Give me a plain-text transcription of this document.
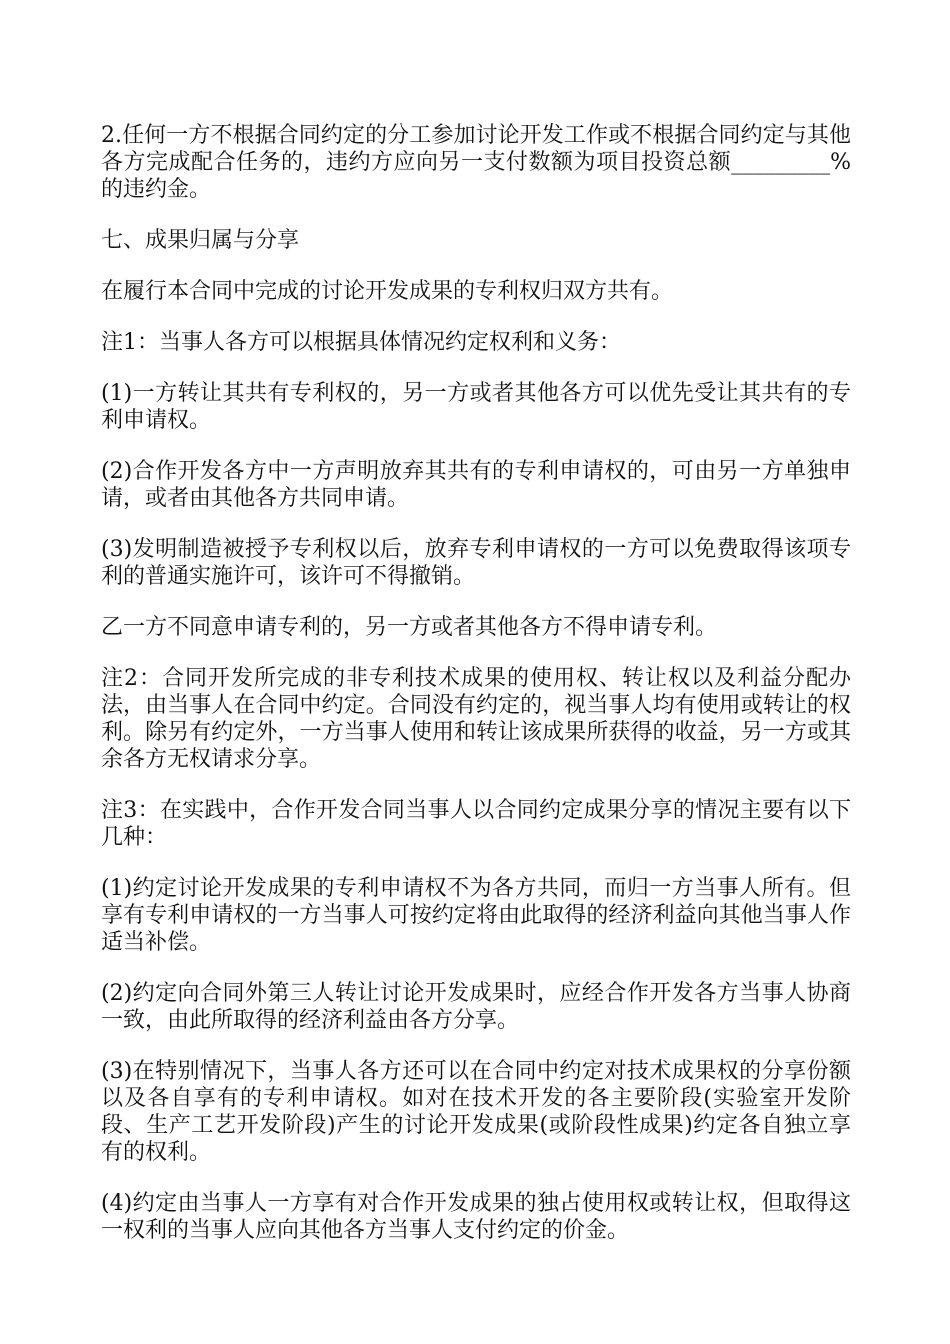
2.任何一方不根据合同约定的分工参加讨论开发工作或不根据合同约定与其他各方完成配合任务的，违约方应向另一支付数额为项目投资总额_________%的违约金。

七、成果归属与分享

在履行本合同中完成的讨论开发成果的专利权归双方共有。

注1：当事人各方可以根据具体情况约定权利和义务：

(1)一方转让其共有专利权的，另一方或者其他各方可以优先受让其共有的专利申请权。

(2)合作开发各方中一方声明放弃其共有的专利申请权的，可由另一方单独申请，或者由其他各方共同申请。

(3)发明制造被授予专利权以后，放弃专利申请权的一方可以免费取得该项专利的普通实施许可，该许可不得撤销。

乙一方不同意申请专利的，另一方或者其他各方不得申请专利。

注2：合同开发所完成的非专利技术成果的使用权、转让权以及利益分配办法，由当事人在合同中约定。合同没有约定的，视当事人均有使用或转让的权利。除另有约定外，一方当事人使用和转让该成果所获得的收益，另一方或其余各方无权请求分享。

注3：在实践中，合作开发合同当事人以合同约定成果分享的情况主要有以下几种：

(1)约定讨论开发成果的专利申请权不为各方共同，而归一方当事人所有。但享有专利申请权的一方当事人可按约定将由此取得的经济利益向其他当事人作适当补偿。

(2)约定向合同外第三人转让讨论开发成果时，应经合作开发各方当事人协商一致，由此所取得的经济利益由各方分享。

(3)在特别情况下，当事人各方还可以在合同中约定对技术成果权的分享份额以及各自享有的专利申请权。如对在技术开发的各主要阶段(实验室开发阶段、生产工艺开发阶段)产生的讨论开发成果(或阶段性成果)约定各自独立享有的权利。

(4)约定由当事人一方享有对合作开发成果的独占使用权或转让权，但取得这一权利的当事人应向其他各方当事人支付约定的价金。
